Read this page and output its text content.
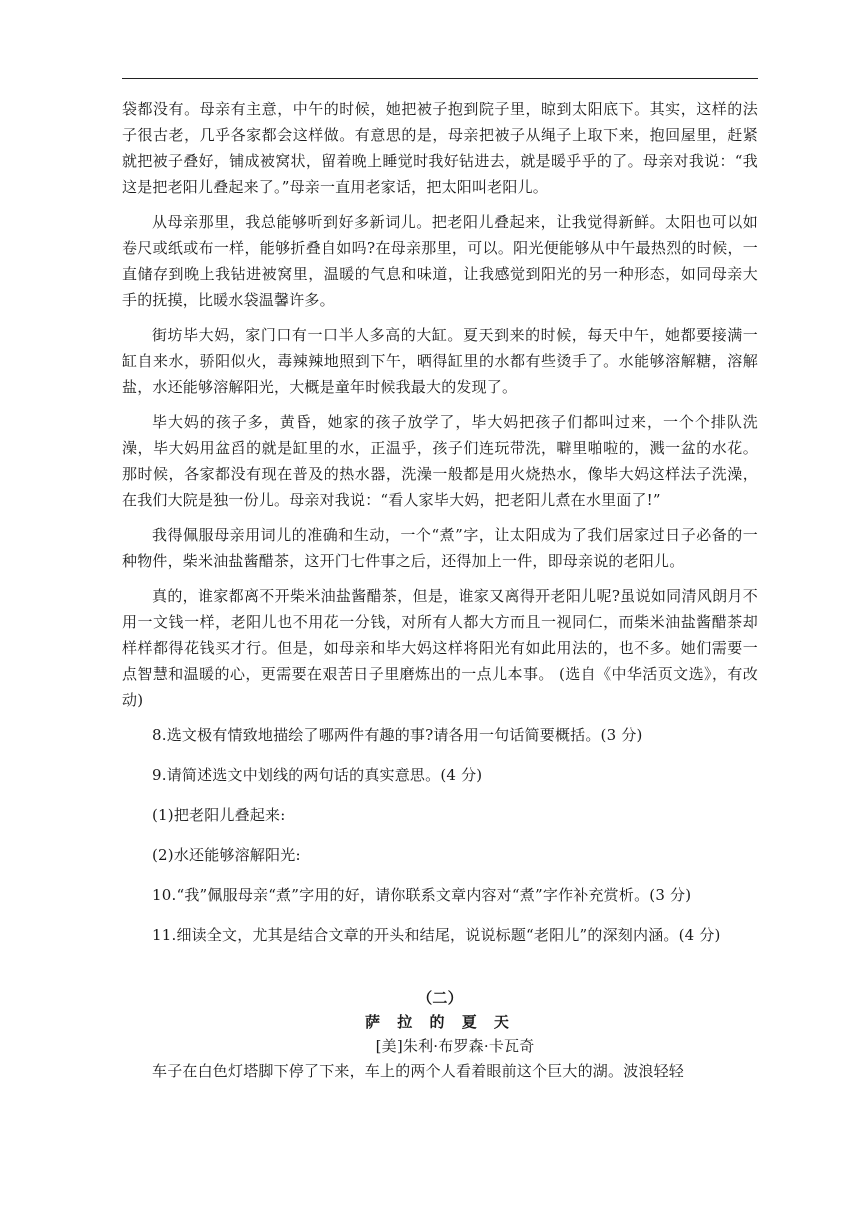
袋都没有。母亲有主意，中午的时候，她把被子抱到院子里，晾到太阳底下。其实，这样的法子很古老，几乎各家都会这样做。有意思的是，母亲把被子从绳子上取下来，抱回屋里，赶紧就把被子叠好，铺成被窝状，留着晚上睡觉时我好钻进去，就是暖乎乎的了。母亲对我说：“我这是把老阳儿叠起来了。”母亲一直用老家话，把太阳叫老阳儿。

从母亲那里，我总能够听到好多新词儿。把老阳儿叠起来，让我觉得新鲜。太阳也可以如卷尺或纸或布一样，能够折叠自如吗?在母亲那里，可以。阳光便能够从中午最热烈的时候，一直储存到晚上我钻进被窝里，温暖的气息和味道，让我感觉到阳光的另一种形态，如同母亲大手的抚摸，比暖水袋温馨许多。

街坊毕大妈，家门口有一口半人多高的大缸。夏天到来的时候，每天中午，她都要接满一缸自来水，骄阳似火，毒辣辣地照到下午，晒得缸里的水都有些烫手了。水能够溶解糖，溶解盐，水还能够溶解阳光，大概是童年时候我最大的发现了。

毕大妈的孩子多，黄昏，她家的孩子放学了，毕大妈把孩子们都叫过来，一个个排队洗澡，毕大妈用盆舀的就是缸里的水，正温乎，孩子们连玩带洗，噼里啪啦的，溅一盆的水花。那时候，各家都没有现在普及的热水器，洗澡一般都是用火烧热水，像毕大妈这样法子洗澡，在我们大院是独一份儿。母亲对我说：“看人家毕大妈，把老阳儿煮在水里面了!”

我得佩服母亲用词儿的准确和生动，一个“煮”字，让太阳成为了我们居家过日子必备的一种物件，柴米油盐酱醋茶，这开门七件事之后，还得加上一件，即母亲说的老阳儿。

真的，谁家都离不开柴米油盐酱醋茶，但是，谁家又离得开老阳儿呢?虽说如同清风朗月不用一文钱一样，老阳儿也不用花一分钱，对所有人都大方而且一视同仁，而柴米油盐酱醋茶却样样都得花钱买才行。但是，如母亲和毕大妈这样将阳光有如此用法的，也不多。她们需要一点智慧和温暖的心，更需要在艰苦日子里磨炼出的一点儿本事。 (选自《中华活页文选》，有改动)

8.选文极有情致地描绘了哪两件有趣的事?请各用一句话简要概括。(3 分)

9.请简述选文中划线的两句话的真实意思。(4 分)

(1)把老阳儿叠起来:

(2)水还能够溶解阳光:

10.“我”佩服母亲“煮”字用的好，请你联系文章内容对“煮”字作补充赏析。(3 分)

11.细读全文，尤其是结合文章的开头和结尾，说说标题“老阳儿”的深刻内涵。(4 分)

（二）

萨 拉 的 夏 天

[美]朱利·布罗森·卡瓦奇

车子在白色灯塔脚下停了下来，车上的两个人看着眼前这个巨大的湖。波浪轻轻
